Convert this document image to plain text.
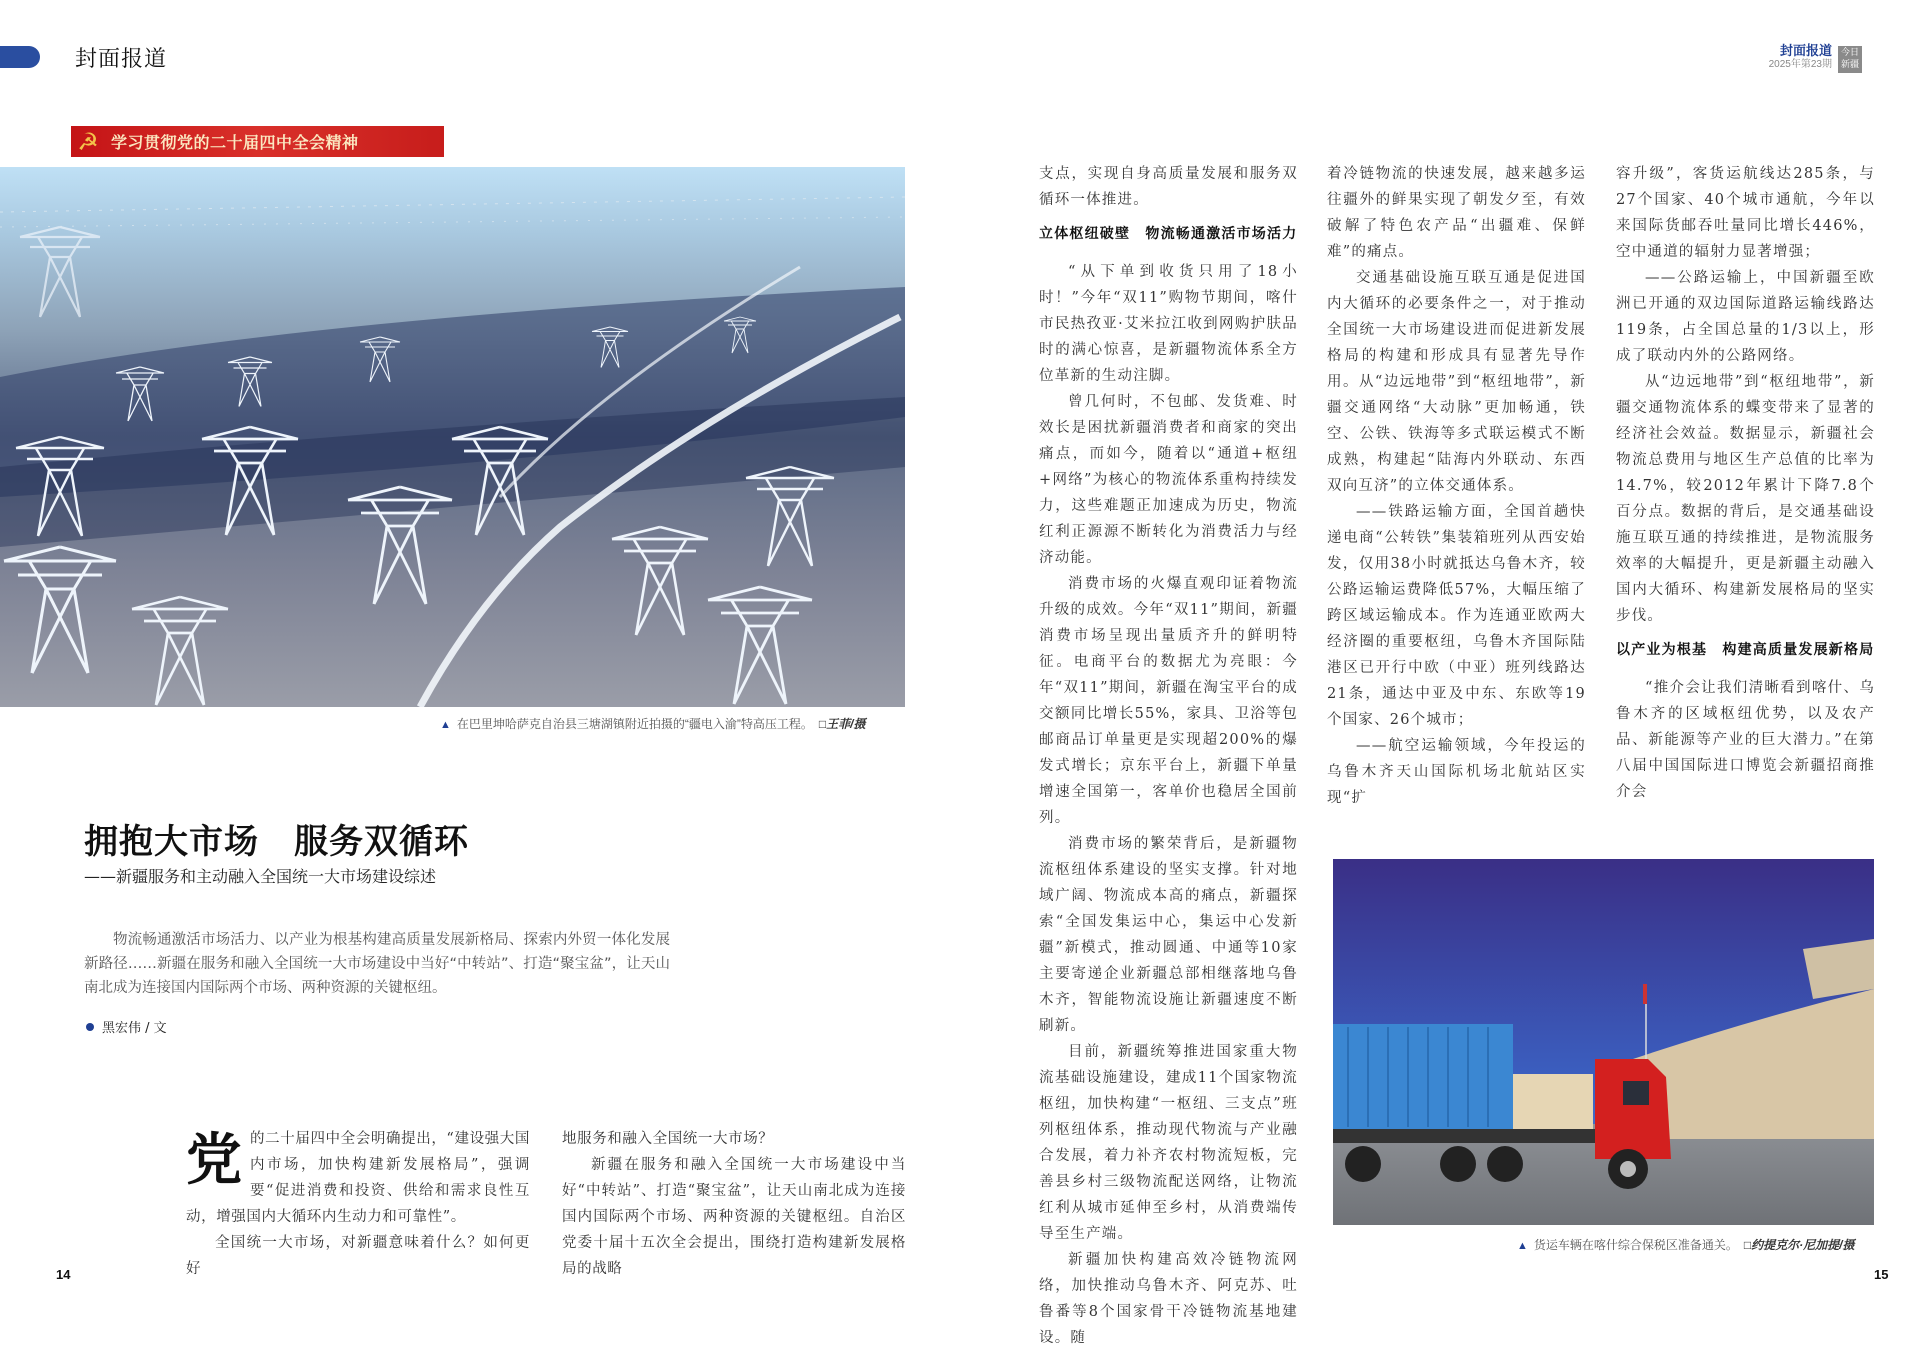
封面报道	封面报道
2025年第23期
今日新疆
☭ 学习贯彻党的二十届四中全会精神
▲ 在巴里坤哈萨克自治县三塘湖镇附近拍摄的“疆电入渝”特高压工程。 □王菲/摄
拥抱大市场　服务双循环
——新疆服务和主动融入全国统一大市场建设综述
物流畅通激活市场活力、以产业为根基构建高质量发展新格局、探索内外贸一体化发展新路径……新疆在服务和融入全国统一大市场建设中当好“中转站”、打造“聚宝盆”，让天山南北成为连接国内国际两个市场、两种资源的关键枢纽。
黑宏伟 / 文
党 的二十届四中全会明确提出，“建设强大国内市场，加快构建新发展格局”，强调要“促进消费和投资、供给和需求良性互动，增强国内大循环内生动力和可靠性”。

全国统一大市场，对新疆意味着什么？如何更好

地服务和融入全国统一大市场？

新疆在服务和融入全国统一大市场建设中当好“中转站”、打造“聚宝盆”，让天山南北成为连接国内国际两个市场、两种资源的关键枢纽。自治区党委十届十五次全会提出，围绕打造构建新发展格局的战略

14

支点，实现自身高质量发展和服务双循环一体推进。

立体枢纽破壁　物流畅通激活市场活力

“从下单到收货只用了18小时！”今年“双11”购物节期间，喀什市民热孜亚·艾米拉江收到网购护肤品时的满心惊喜，是新疆物流体系全方位革新的生动注脚。

曾几何时，不包邮、发货难、时效长是困扰新疆消费者和商家的突出痛点，而如今，随着以“通道+枢纽+网络”为核心的物流体系重构持续发力，这些难题正加速成为历史，物流红利正源源不断转化为消费活力与经济动能。

消费市场的火爆直观印证着物流升级的成效。今年“双11”期间，新疆消费市场呈现出量质齐升的鲜明特征。电商平台的数据尤为亮眼：今年“双11”期间，新疆在淘宝平台的成交额同比增长55%，家具、卫浴等包邮商品订单量更是实现超200%的爆发式增长；京东平台上，新疆下单量增速全国第一，客单价也稳居全国前列。

消费市场的繁荣背后，是新疆物流枢纽体系建设的坚实支撑。针对地域广阔、物流成本高的痛点，新疆探索“全国发集运中心，集运中心发新疆”新模式，推动圆通、中通等10家主要寄递企业新疆总部相继落地乌鲁木齐，智能物流设施让新疆速度不断刷新。

目前，新疆统筹推进国家重大物流基础设施建设，建成11个国家物流枢纽，加快构建“一枢纽、三支点”班列枢纽体系，推动现代物流与产业融合发展，着力补齐农村物流短板，完善县乡村三级物流配送网络，让物流红利从城市延伸至乡村，从消费端传导至生产端。

新疆加快构建高效冷链物流网络，加快推动乌鲁木齐、阿克苏、吐鲁番等8个国家骨干冷链物流基地建设。随

着冷链物流的快速发展，越来越多运往疆外的鲜果实现了朝发夕至，有效破解了特色农产品“出疆难、保鲜难”的痛点。

交通基础设施互联互通是促进国内大循环的必要条件之一，对于推动全国统一大市场建设进而促进新发展格局的构建和形成具有显著先导作用。从“边远地带”到“枢纽地带”，新疆交通网络“大动脉”更加畅通，铁空、公铁、铁海等多式联运模式不断成熟，构建起“陆海内外联动、东西双向互济”的立体交通体系。

——铁路运输方面，全国首趟快递电商“公转铁”集装箱班列从西安始发，仅用38小时就抵达乌鲁木齐，较公路运输运费降低57%，大幅压缩了跨区域运输成本。作为连通亚欧两大经济圈的重要枢纽，乌鲁木齐国际陆港区已开行中欧（中亚）班列线路达21条，通达中亚及中东、东欧等19个国家、26个城市；

——航空运输领域，今年投运的乌鲁木齐天山国际机场北航站区实现“扩

容升级”，客货运航线达285条，与27个国家、40个城市通航，今年以来国际货邮吞吐量同比增长446%，空中通道的辐射力显著增强；

——公路运输上，中国新疆至欧洲已开通的双边国际道路运输线路达119条，占全国总量的1/3以上，形成了联动内外的公路网络。

从“边远地带”到“枢纽地带”，新疆交通物流体系的蝶变带来了显著的经济社会效益。数据显示，新疆社会物流总费用与地区生产总值的比率为14.7%，较2012年累计下降7.8个百分点。数据的背后，是交通基础设施互联互通的持续推进，是物流服务效率的大幅提升，更是新疆主动融入国内大循环、构建新发展格局的坚实步伐。

以产业为根基　构建高质量发展新格局

“推介会让我们清晰看到喀什、乌鲁木齐的区域枢纽优势，以及农产品、新能源等产业的巨大潜力。”在第八届中国国际进口博览会新疆招商推介会

▲ 货运车辆在喀什综合保税区准备通关。 □约提克尔·尼加提/摄
15
